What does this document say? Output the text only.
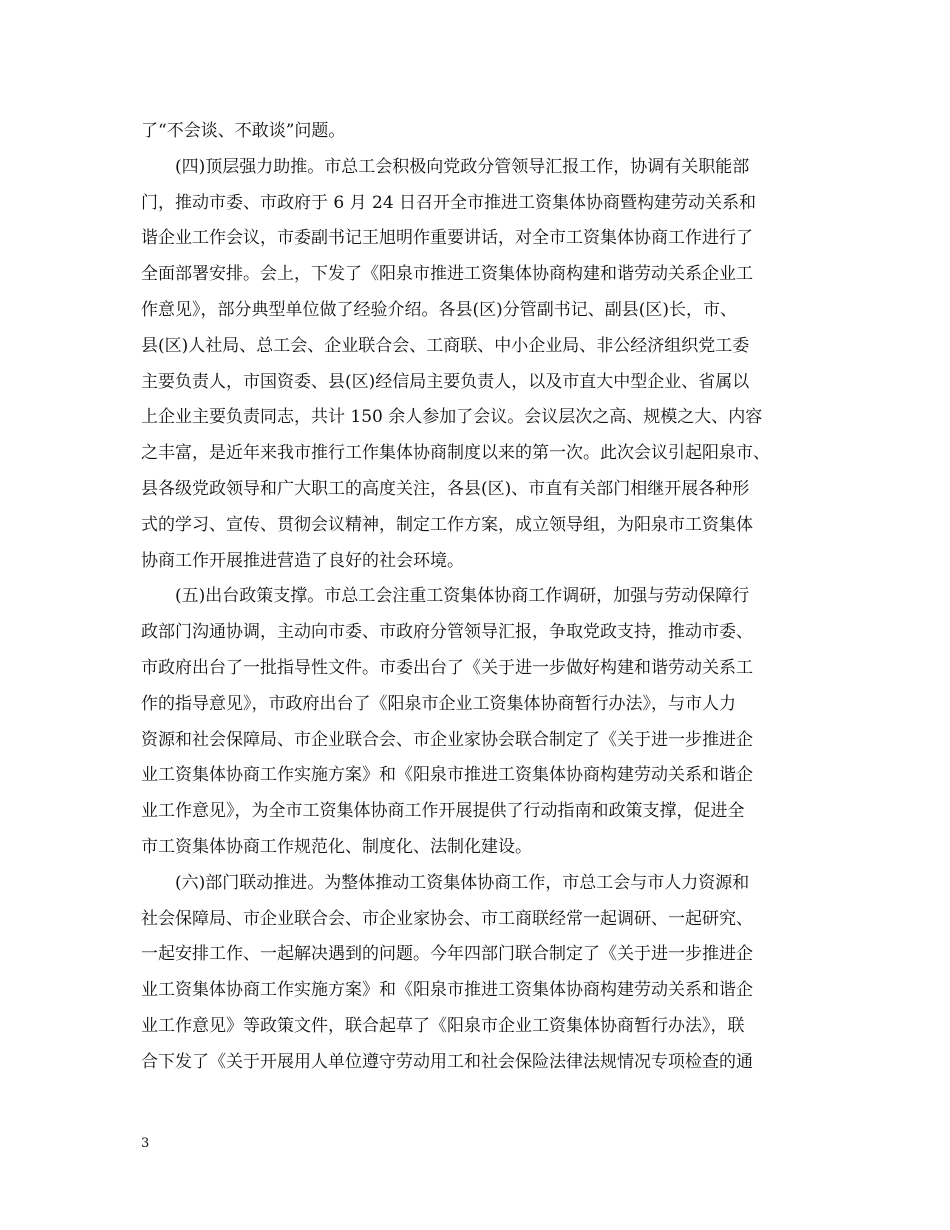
了“不会谈、不敢谈”问题。
　　(四)顶层强力助推。市总工会积极向党政分管领导汇报工作，协调有关职能部
门，推动市委、市政府于 6 月 24 日召开全市推进工资集体协商暨构建劳动关系和
谐企业工作会议，市委副书记王旭明作重要讲话，对全市工资集体协商工作进行了
全面部署安排。会上，下发了《阳泉市推进工资集体协商构建和谐劳动关系企业工
作意见》，部分典型单位做了经验介绍。各县(区)分管副书记、副县(区)长，市、
县(区)人社局、总工会、企业联合会、工商联、中小企业局、非公经济组织党工委
主要负责人，市国资委、县(区)经信局主要负责人，以及市直大中型企业、省属以
上企业主要负责同志，共计 150 余人参加了会议。会议层次之高、规模之大、内容
之丰富，是近年来我市推行工作集体协商制度以来的第一次。此次会议引起阳泉市、
县各级党政领导和广大职工的高度关注，各县(区)、市直有关部门相继开展各种形
式的学习、宣传、贯彻会议精神，制定工作方案，成立领导组，为阳泉市工资集体
协商工作开展推进营造了良好的社会环境。
　　(五)出台政策支撑。市总工会注重工资集体协商工作调研，加强与劳动保障行
政部门沟通协调，主动向市委、市政府分管领导汇报，争取党政支持，推动市委、
市政府出台了一批指导性文件。市委出台了《关于进一步做好构建和谐劳动关系工
作的指导意见》，市政府出台了《阳泉市企业工资集体协商暂行办法》，与市人力
资源和社会保障局、市企业联合会、市企业家协会联合制定了《关于进一步推进企
业工资集体协商工作实施方案》和《阳泉市推进工资集体协商构建劳动关系和谐企
业工作意见》，为全市工资集体协商工作开展提供了行动指南和政策支撑，促进全
市工资集体协商工作规范化、制度化、法制化建设。
　　(六)部门联动推进。为整体推动工资集体协商工作，市总工会与市人力资源和
社会保障局、市企业联合会、市企业家协会、市工商联经常一起调研、一起研究、
一起安排工作、一起解决遇到的问题。今年四部门联合制定了《关于进一步推进企
业工资集体协商工作实施方案》和《阳泉市推进工资集体协商构建劳动关系和谐企
业工作意见》等政策文件，联合起草了《阳泉市企业工资集体协商暂行办法》，联
合下发了《关于开展用人单位遵守劳动用工和社会保险法律法规情况专项检查的通
3
